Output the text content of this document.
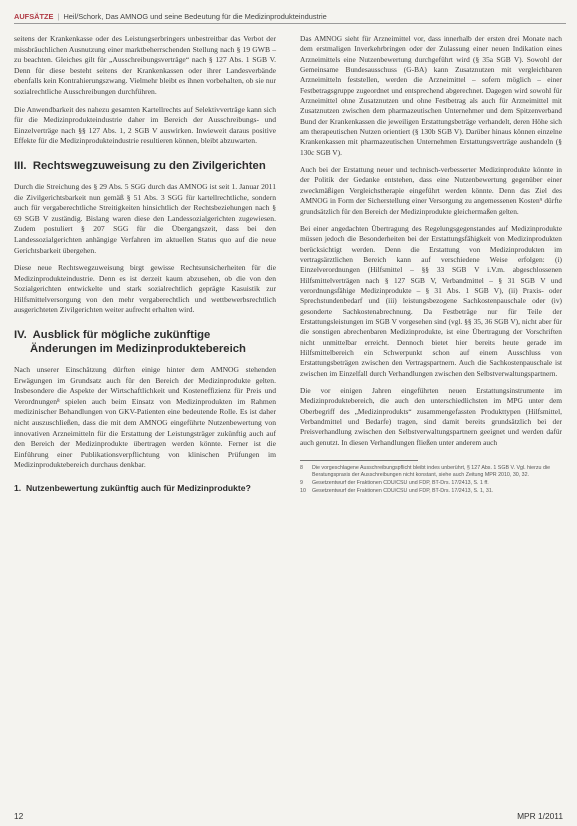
AUFSÄTZE | Heil/Schork, Das AMNOG und seine Bedeutung für die Medizinprodukteindustrie

seitens der Krankenkasse oder des Leistungserbringers unbestreitbar das Verbot der missbräuchlichen Ausnutzung einer marktbeherrschenden Stellung nach § 19 GWB – zu beachten. Gleiches gilt für „Ausschreibungsverträge“ nach § 127 Abs. 1 SGB V. Denn für diese besteht seitens der Krankenkassen oder ihrer Landesverbände ebenfalls kein Kontrahierungszwang. Vielmehr bleibt es ihnen vorbehalten, ob sie nur sozialrechtliche Ausschreibungen durchführen.

Die Anwendbarkeit des nahezu gesamten Kartellrechts auf Selektivverträge kann sich für die Medizinprodukteindustrie daher im Bereich der Ausschreibungs- und Einzelverträge nach §§ 127 Abs. 1, 2 SGB V auswirken. Inwieweit daraus positive Effekte für die Medizinprodukteindustrie resultieren können, bleibt abzuwarten.

III. Rechtswegzuweisung zu den Zivilgerichten

Durch die Streichung des § 29 Abs. 5 SGG durch das AMNOG ist seit 1. Januar 2011 die Zivilgerichtsbarkeit nun gemäß § 51 Abs. 3 SGG für kartellrechtliche, sondern auch für vergaberechtliche Streitigkeiten hinsichtlich der Rechtsbeziehungen nach § 69 SGB V zuständig. Bislang waren diese den Landessozialgerichten zugewiesen. Zudem postuliert § 207 SGG für die Übergangszeit, dass bei den Landessozialgerichten anhängige Verfahren im aktuellen Status quo auf die neue Gerichtsbarkeit übergehen.

Diese neue Rechtswegzuweisung birgt gewisse Rechtsunsicherheiten für die Medizinprodukteindustrie. Denn es ist derzeit kaum abzusehen, ob die von den Sozialgerichten entwickelte und stark sozialrechtlich geprägte Kasuistik zur Hilfsmittelversorgung von den mehr vergaberechtlich und wettbewerbsrechtlich ausgerichteten Zivilgerichten weiter aufrecht erhalten wird.

IV. Ausblick für mögliche zukünftige Änderungen im Medizinproduktebereich

Nach unserer Einschätzung dürften einige hinter dem AMNOG stehenden Erwägungen im Grundsatz auch für den Bereich der Medizinprodukte gelten. Insbesondere die Aspekte der Wirtschaftlichkeit und Kosteneffizienz für Preis und Verordnungen⁸ spielen auch beim Einsatz von Medizinprodukten im Rahmen medizinischer Behandlungen von GKV-Patienten eine bedeutende Rolle. Es ist daher nicht auszuschließen, dass die mit dem AMNOG eingeführte Nutzenbewertung von innovativen Arzneimitteln für die Erstattung der Leistungsträger zukünftig auch auf den Bereich der Medizinprodukte übertragen werden könnte. Ferner ist die Einführung einer Publikationsverpflichtung von klinischen Prüfungen im Medizinproduktebereich durchaus denkbar.

1. Nutzenbewertung zukünftig auch für Medizinprodukte?

Das AMNOG sieht für Arzneimittel vor, dass innerhalb der ersten drei Monate nach dem erstmaligen Inverkehrbringen oder der Zulassung einer neuen Indikation eines Arzneimittels eine Nutzenbewertung durchgeführt wird (§ 35a SGB V). Sowohl der Gemeinsame Bundesausschuss (G-BA) kann Zusatznutzen mit vergleichbaren Arzneimitteln feststellen, werden die Arzneimittel – sofern möglich – einer Festbetragsgruppe zugeordnet und entsprechend abgerechnet. Dagegen wird sowohl für Arzneimittel ohne Zusatznutzen und ohne Festbetrag als auch für Arzneimittel mit Zusatznutzen zwischen dem pharmazeutischen Unternehmer und dem Spitzenverband Bund der Krankenkassen die jeweiligen Erstattungsbeträge verhandelt, deren Höhe sich am therapeutischen Nutzen orientiert (§ 130b SGB V). Darüber hinaus können einzelne Krankenkassen mit pharmazeutischen Unternehmen Erstattungsverträge aushandeln (§ 130c SGB V).

Auch bei der Erstattung neuer und technisch-verbesserter Medizinprodukte könnte in der Politik der Gedanke entstehen, dass eine Nutzenbewertung gegenüber einer zweckmäßigen Vergleichstherapie eingeführt werden könnte. Denn das Ziel des AMNOG in Form der Sicherstellung einer Versorgung zu angemessenen Kosten⁹ dürfte grundsätzlich für den Bereich der Medizinprodukte gleichermaßen gelten.

Bei einer angedachten Übertragung des Regelungsgegenstandes auf Medizinprodukte müssen jedoch die Besonderheiten bei der Erstattungsfähigkeit von Medizinprodukten berücksichtigt werden. Denn die Erstattung von Medizinprodukten im vertragsärztlichen Bereich kann auf verschiedene Weise erfolgen: (i) Einzelverordnungen (Hilfsmittel – §§ 33 SGB V i.V.m. abgeschlossenen Hilfsmittelverträgen nach § 127 SGB V, Verbandmittel – § 31 SGB V und verordnungsfähige Medizinprodukte – § 31 Abs. 1 SGB V), (ii) Praxis- oder Sprechstundenbedarf und (iii) leistungsbezogene Sachkostenpauschale oder (iv) gesonderte Sachkostenabrechnung. Da Festbeträge nur für Teile der Erstattungsleistungen im SGB V vorgesehen sind (vgl. §§ 35, 36 SGB V), nicht aber für die sonstigen abrechenbaren Medizinprodukte, ist eine Übertragung der Vorschriften nicht unmittelbar erreicht. Dennoch bietet hier bereits heute gerade im Hilfsmittelbereich ein Schwerpunkt schon auf einem Ausschluss von Erstattungsbeträgen zwischen den Vertragspartnern. Auch die Sachkostenpauschale ist zwischen im Einzelfall durch Verhandlungen zwischen den Selbstverwaltungspartnern.

Die vor einigen Jahren eingeführten neuen Erstattungsinstrumente im Medizinproduktebereich, die auch den unterschiedlichsten im MPG unter dem Oberbegriff des „Medizinprodukts“ zusammengefassten Produkttypen (Hilfsmittel, Verbandmittel und Bedarfe) tragen, sind damit bereits grundsätzlich bei der Preisverhandlung zwischen den Selbstverwaltungspartnern geeignet und werden dafür auch genutzt. In diesen Verhandlungen fließen unter anderem auch

8	Die vorgeschlagene Ausschreibungspflicht bleibt indes unberührt, § 127 Abs. 1 SGB V. Vgl. hierzu die Beratungspraxis der Ausschreibungen nicht konstant, siehe auch Zeitung MPR 2010, 30, 32.
9	Gesetzentwurf der Fraktionen CDU/CSU und FDP, BT-Drs. 17/2413, S. 1 ff.
10	Gesetzentwurf der Fraktionen CDU/CSU und FDP, BT-Drs. 17/2413, S. 1, 31.
12	MPR 1/2011
